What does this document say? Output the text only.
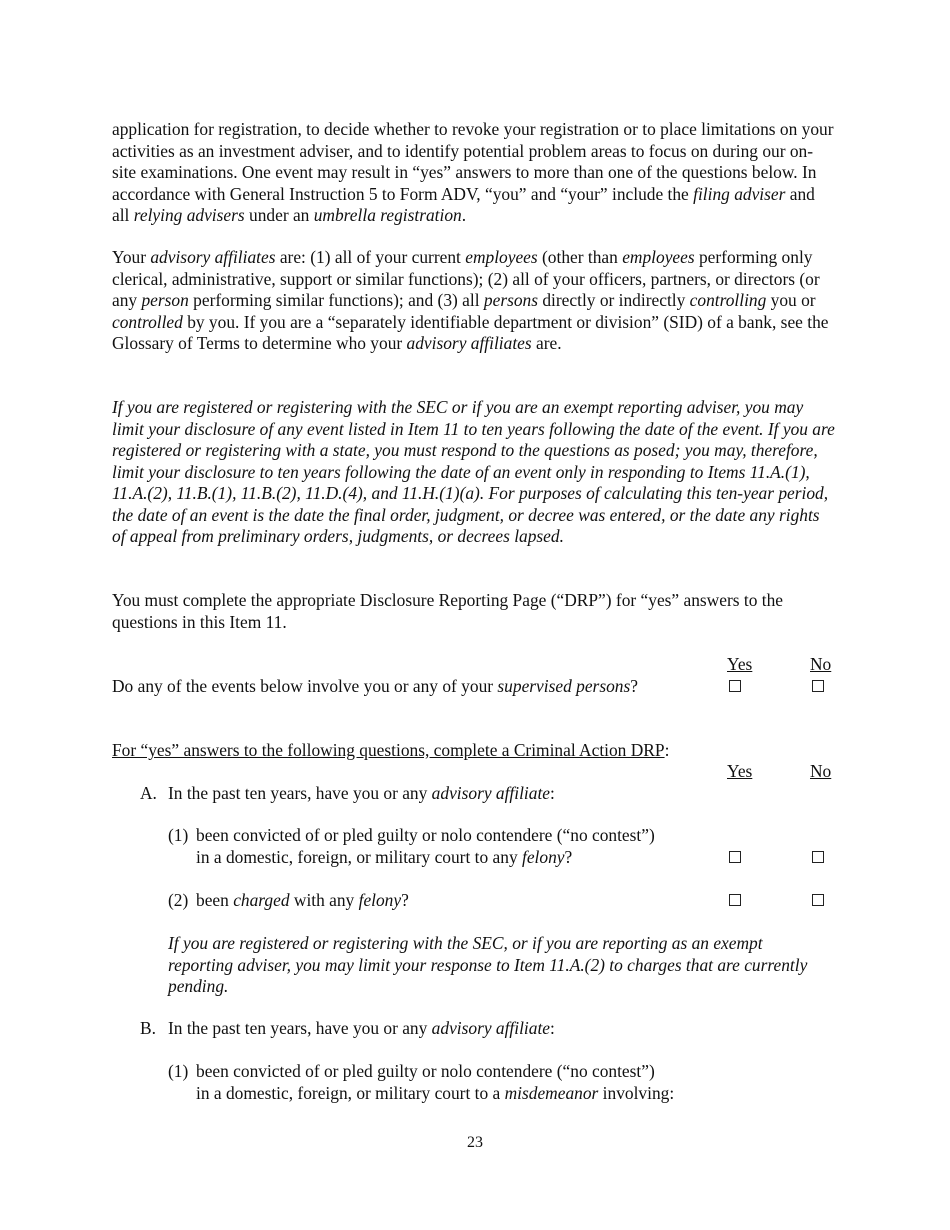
application for registration, to decide whether to revoke your registration or to place limitations on your activities as an investment adviser, and to identify potential problem areas to focus on during our on-site examinations. One event may result in “yes” answers to more than one of the questions below. In accordance with General Instruction 5 to Form ADV, “you” and “your” include the filing adviser and all relying advisers under an umbrella registration.

Your advisory affiliates are: (1) all of your current employees (other than employees performing only clerical, administrative, support or similar functions); (2) all of your officers, partners, or directors (or any person performing similar functions); and (3) all persons directly or indirectly controlling you or controlled by you. If you are a “separately identifiable department or division” (SID) of a bank, see the Glossary of Terms to determine who your advisory affiliates are.

If you are registered or registering with the SEC or if you are an exempt reporting adviser, you may limit your disclosure of any event listed in Item 11 to ten years following the date of the event. If you are registered or registering with a state, you must respond to the questions as posed; you may, therefore, limit your disclosure to ten years following the date of an event only in responding to Items 11.A.(1), 11.A.(2), 11.B.(1), 11.B.(2), 11.D.(4), and 11.H.(1)(a). For purposes of calculating this ten-year period, the date of an event is the date the final order, judgment, or decree was entered, or the date any rights of appeal from preliminary orders, judgments, or decrees lapsed.

You must complete the appropriate Disclosure Reporting Page (“DRP”) for “yes” answers to the questions in this Item 11.

Yes	No
Do any of the events below involve you or any of your supervised persons?
For “yes” answers to the following questions, complete a Criminal Action DRP:
Yes	No
A. In the past ten years, have you or any advisory affiliate:
(1) been convicted of or pled guilty or nolo contendere (“no contest”)
in a domestic, foreign, or military court to any felony?
(2) been charged with any felony?

If you are registered or registering with the SEC, or if you are reporting as an exempt reporting adviser, you may limit your response to Item 11.A.(2) to charges that are currently pending.

B. In the past ten years, have you or any advisory affiliate:
(1) been convicted of or pled guilty or nolo contendere (“no contest”)
in a domestic, foreign, or military court to a misdemeanor involving:
23
